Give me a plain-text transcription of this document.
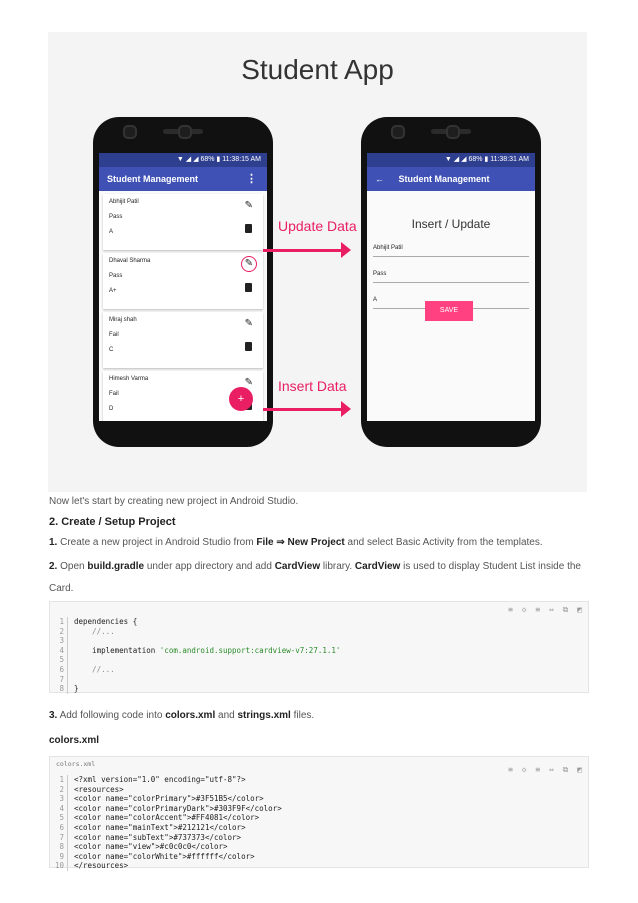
Student App
▼ ◢ ◢ 68% ▮ 11:38:15 AM
Student Management	⋮
Abhijit Patil
Pass
A
✎
Dhaval Sharma
Pass
A+
✎
Miraj shah
Fail
C
✎
Himesh Varma
Fail
D
✎
+
Update Data
Insert Data
▼ ◢ ◢ 68% ▮ 11:38:31 AM
← Student Management
Insert / Update
Abhijit Patil
Pass
A
SAVE

Now let's start by creating new project in Android Studio.

2. Create / Setup Project

1. Create a new project in Android Studio from File ⇒ New Project and select Basic Activity from the templates.

2. Open build.gradle under app directory and add CardView library. CardView is used to display Student List inside the

Card.

≡ ◇ ≡ ⇔ ⧉ ◩
1 dependencies {
2    //...
3
4    implementation 'com.android.support:cardview-v7:27.1.1'
5
6    //...
7
8 }

3. Add following code into colors.xml and strings.xml files.

colors.xml
colors.xml
≡ ◇ ≡ ⇔ ⧉ ◩
1 <?xml version="1.0" encoding="utf-8"?>
2 <resources>
3 <color name="colorPrimary">#3F51B5</color>
4 <color name="colorPrimaryDark">#303F9F</color>
5 <color name="colorAccent">#FF4081</color>
6 <color name="mainText">#212121</color>
7 <color name="subText">#737373</color>
8 <color name="view">#c0c0c0</color>
9 <color name="colorWhite">#ffffff</color>
10 </resources>
